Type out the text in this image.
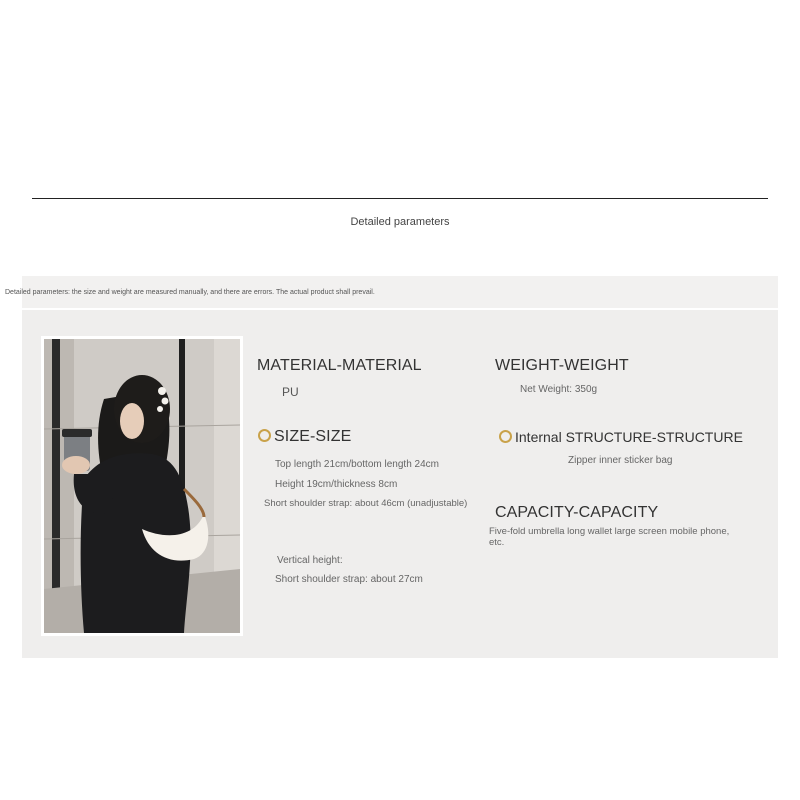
Detailed parameters
Detailed parameters: the size and weight are measured manually, and there are errors. The actual product shall prevail.
MATERIAL-MATERIAL
PU
WEIGHT-WEIGHT
Net Weight: 350g
SIZE-SIZE
Top length 21cm/bottom length 24cm
Height 19cm/thickness 8cm
Short shoulder strap: about 46cm (unadjustable)
Vertical height:
Short shoulder strap: about 27cm
Internal STRUCTURE-STRUCTURE
Zipper inner sticker bag
CAPACITY-CAPACITY
Five-fold umbrella long wallet large screen mobile phone,
etc.
